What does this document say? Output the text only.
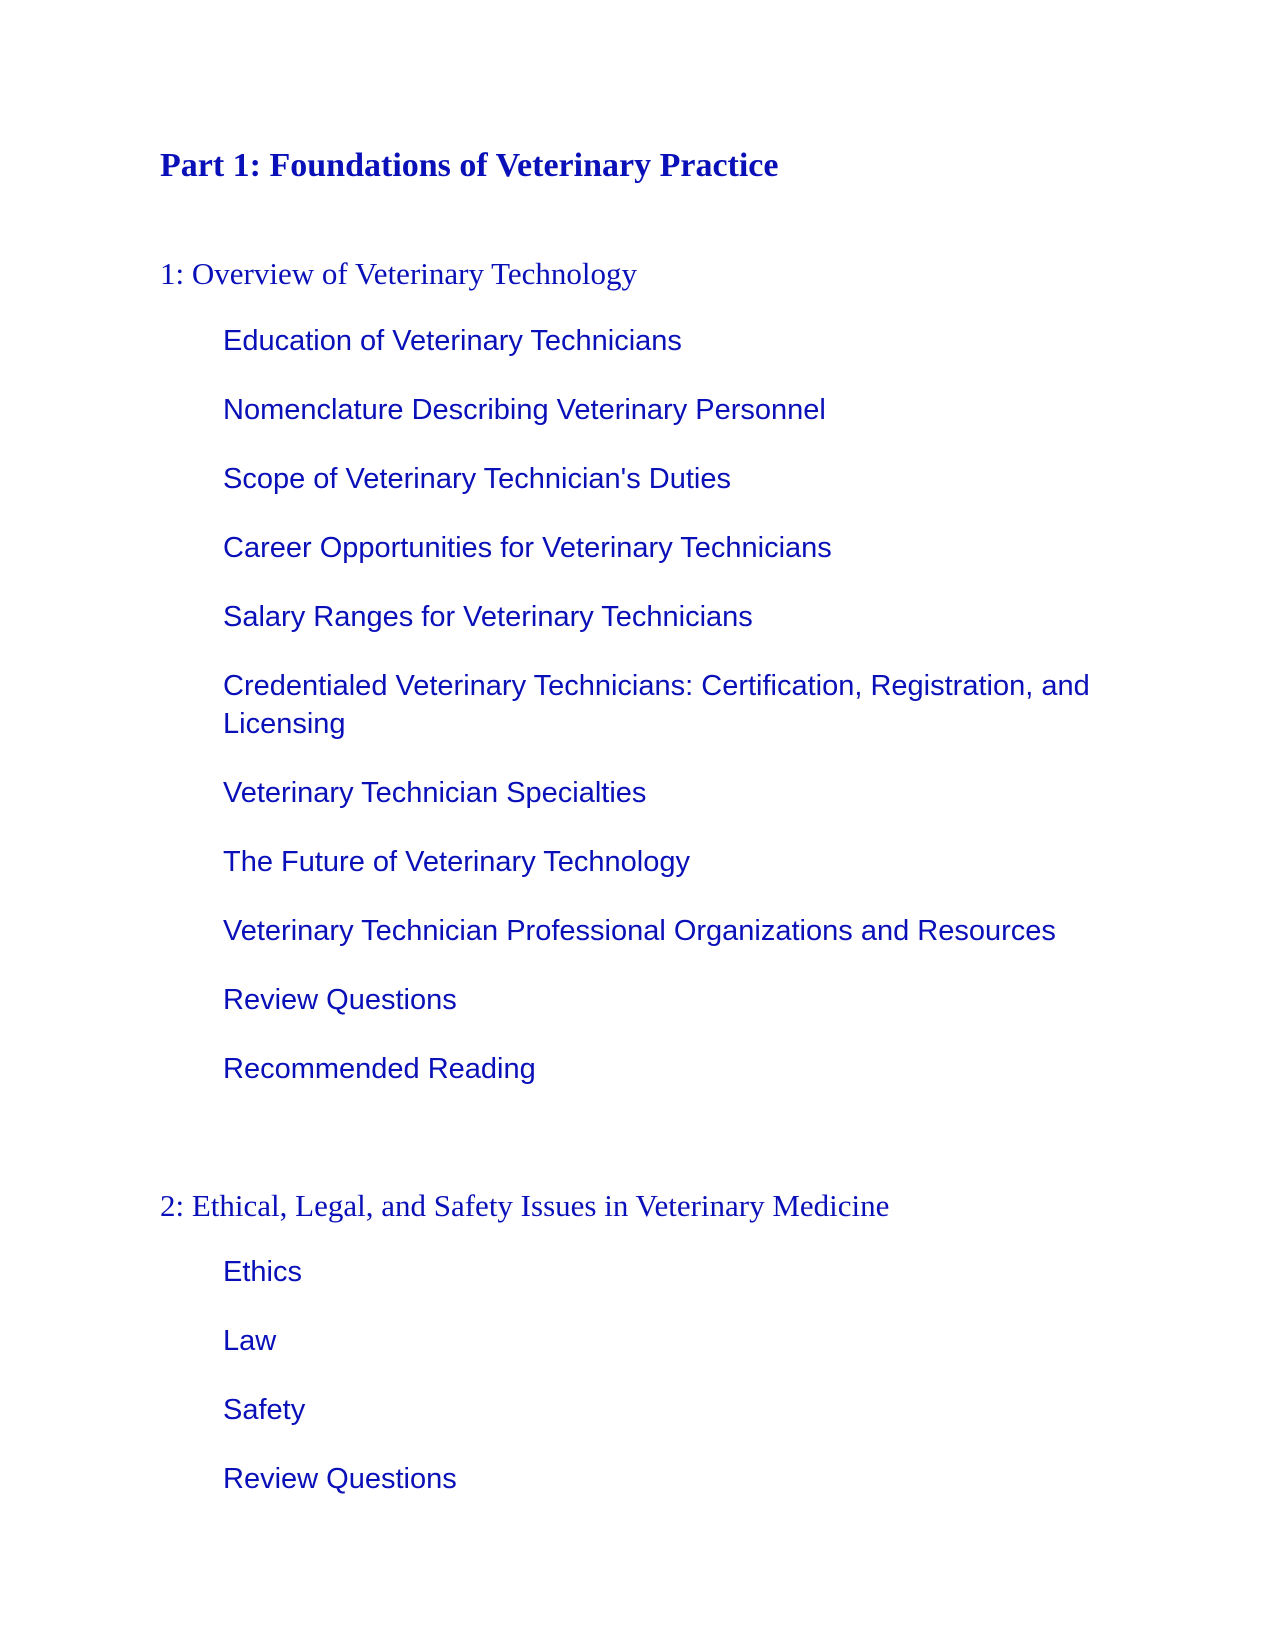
Part 1: Foundations of Veterinary Practice
1: Overview of Veterinary Technology
Education of Veterinary Technicians
Nomenclature Describing Veterinary Personnel
Scope of Veterinary Technician's Duties
Career Opportunities for Veterinary Technicians
Salary Ranges for Veterinary Technicians
Credentialed Veterinary Technicians: Certification, Registration, and Licensing
Veterinary Technician Specialties
The Future of Veterinary Technology
Veterinary Technician Professional Organizations and Resources
Review Questions
Recommended Reading
2: Ethical, Legal, and Safety Issues in Veterinary Medicine
Ethics
Law
Safety
Review Questions
